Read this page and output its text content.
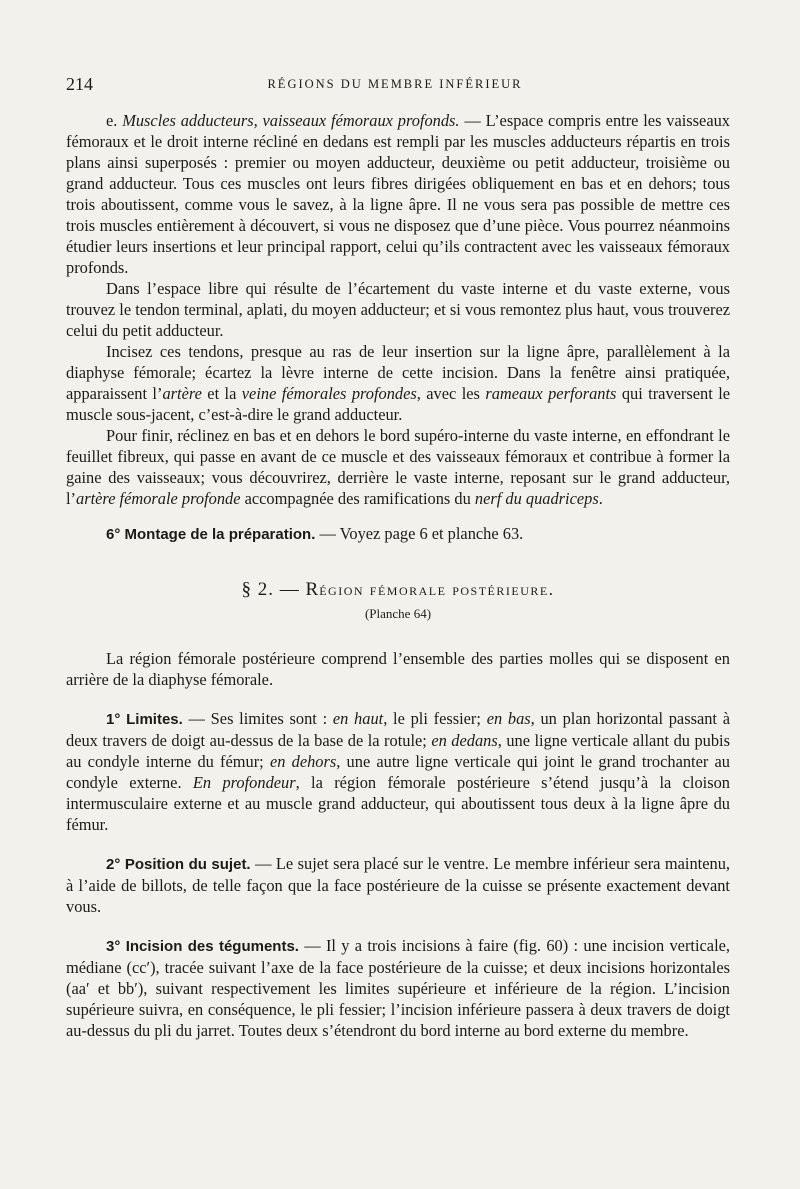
214	RÉGIONS DU MEMBRE INFÉRIEUR

e. Muscles adducteurs, vaisseaux fémoraux profonds. — L’espace compris entre les vaisseaux fémoraux et le droit interne récliné en dedans est rempli par les muscles adducteurs répartis en trois plans ainsi superposés : premier ou moyen adducteur, deuxième ou petit adducteur, troisième ou grand adducteur. Tous ces muscles ont leurs fibres dirigées obliquement en bas et en dehors; tous trois aboutissent, comme vous le savez, à la ligne âpre. Il ne vous sera pas possible de mettre ces trois muscles entièrement à découvert, si vous ne disposez que d’une pièce. Vous pourrez néanmoins étudier leurs insertions et leur principal rapport, celui qu’ils contractent avec les vaisseaux fémoraux profonds.

Dans l’espace libre qui résulte de l’écartement du vaste interne et du vaste externe, vous trouvez le tendon terminal, aplati, du moyen adducteur; et si vous remontez plus haut, vous trouverez celui du petit adducteur.

Incisez ces tendons, presque au ras de leur insertion sur la ligne âpre, parallèlement à la diaphyse fémorale; écartez la lèvre interne de cette incision. Dans la fenêtre ainsi pratiquée, apparaissent l’artère et la veine fémorales profondes, avec les rameaux perforants qui traversent le muscle sous-jacent, c’est-à-dire le grand adducteur.

Pour finir, réclinez en bas et en dehors le bord supéro-interne du vaste interne, en effondrant le feuillet fibreux, qui passe en avant de ce muscle et des vaisseaux fémoraux et contribue à former la gaine des vaisseaux; vous découvrirez, derrière le vaste interne, reposant sur le grand adducteur, l’artère fémorale profonde accompagnée des ramifications du nerf du quadriceps.

6° Montage de la préparation. — Voyez page 6 et planche 63.

§ 2. — Région fémorale postérieure.
(Planche 64)

La région fémorale postérieure comprend l’ensemble des parties molles qui se disposent en arrière de la diaphyse fémorale.

1° Limites. — Ses limites sont : en haut, le pli fessier; en bas, un plan horizontal passant à deux travers de doigt au-dessus de la base de la rotule; en dedans, une ligne verticale allant du pubis au condyle interne du fémur; en dehors, une autre ligne verticale qui joint le grand trochanter au condyle externe. En profondeur, la région fémorale postérieure s’étend jusqu’à la cloison intermusculaire externe et au muscle grand adducteur, qui aboutissent tous deux à la ligne âpre du fémur.

2° Position du sujet. — Le sujet sera placé sur le ventre. Le membre inférieur sera maintenu, à l’aide de billots, de telle façon que la face postérieure de la cuisse se présente exactement devant vous.

3° Incision des téguments. — Il y a trois incisions à faire (fig. 60) : une incision verticale, médiane (cc′), tracée suivant l’axe de la face postérieure de la cuisse; et deux incisions horizontales (aa′ et bb′), suivant respectivement les limites supérieure et inférieure de la région. L’incision supérieure suivra, en conséquence, le pli fessier; l’incision inférieure passera à deux travers de doigt au-dessus du pli du jarret. Toutes deux s’étendront du bord interne au bord externe du membre.
